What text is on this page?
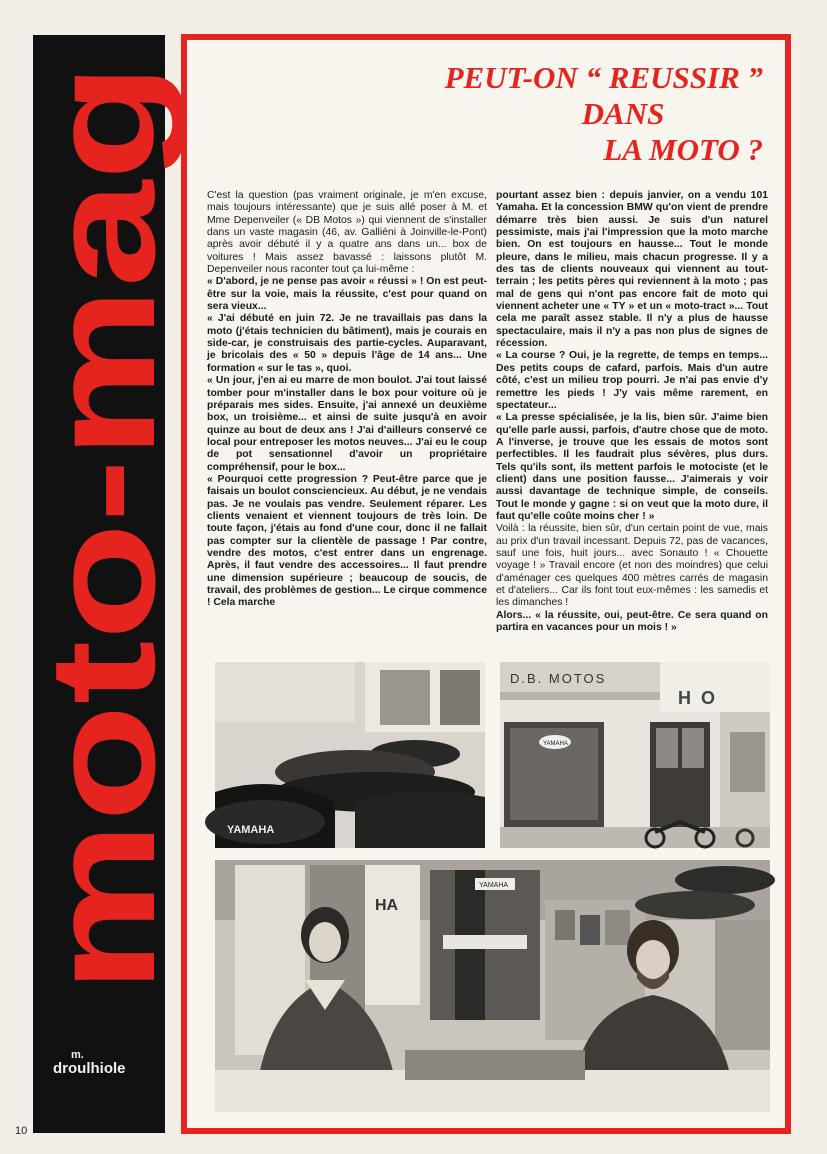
moto-mag
m.
droulhiole
10
PEUT-ON “ REUSSIR ”
DANS
LA MOTO ?

C'est la question (pas vraiment originale, je m'en excuse, mais toujours intéressante) que je suis allé poser à M. et Mme Depenveiler (« DB Motos ») qui viennent de s'installer dans un vaste magasin (46, av. Galliéni à Joinville-le-Pont) après avoir débuté il y a quatre ans dans un... box de voitures ! Mais assez bavassé : laissons plutôt M. Depenveiler nous raconter tout ça lui-même :

« D'abord, je ne pense pas avoir « réussi » ! On est peut-être sur la voie, mais la réussite, c'est pour quand on sera vieux...

« J'ai débuté en juin 72. Je ne travaillais pas dans la moto (j'étais technicien du bâtiment), mais je courais en side-car, je construisais des partie-cycles. Auparavant, je bricolais des « 50 » depuis l'âge de 14 ans... Une formation « sur le tas », quoi.

« Un jour, j'en ai eu marre de mon boulot. J'ai tout laissé tomber pour m'installer dans le box pour voiture où je préparais mes sides. Ensuite, j'ai annexé un deuxième box, un troisième... et ainsi de suite jusqu'à en avoir quinze au bout de deux ans ! J'ai d'ailleurs conservé ce local pour entreposer les motos neuves... J'ai eu le coup de pot sensationnel d'avoir un propriétaire compréhensif, pour le box...

« Pourquoi cette progression ? Peut-être parce que je faisais un boulot consciencieux. Au début, je ne vendais pas. Je ne voulais pas vendre. Seulement réparer. Les clients venaient et viennent toujours de très loin. De toute façon, j'étais au fond d'une cour, donc il ne fallait pas compter sur la clientèle de passage ! Par contre, vendre des motos, c'est entrer dans un engrenage. Après, il faut vendre des accessoires... Il faut prendre une dimension supérieure ; beaucoup de soucis, de travail, des problèmes de gestion... Le cirque commence ! Cela marche

pourtant assez bien : depuis janvier, on a vendu 101 Yamaha. Et la concession BMW qu'on vient de prendre démarre très bien aussi. Je suis d'un naturel pessimiste, mais j'ai l'impression que la moto marche bien. On est toujours en hausse... Tout le monde pleure, dans le milieu, mais chacun progresse. Il y a des tas de clients nouveaux qui viennent au tout-terrain ; les petits pères qui reviennent à la moto ; pas mal de gens qui n'ont pas encore fait de moto qui viennent acheter une « TY » et un « moto-tract »... Tout cela me paraît assez stable. Il n'y a plus de hausse spectaculaire, mais il n'y a pas non plus de signes de récession.

« La course ? Oui, je la regrette, de temps en temps... Des petits coups de cafard, parfois. Mais d'un autre côté, c'est un milieu trop pourri. Je n'ai pas envie d'y remettre les pieds ! J'y vais même rarement, en spectateur...

« La presse spécialisée, je la lis, bien sûr. J'aime bien qu'elle parle aussi, parfois, d'autre chose que de moto. A l'inverse, je trouve que les essais de motos sont perfectibles. Il les faudrait plus sévères, plus durs. Tels qu'ils sont, ils mettent parfois le motociste (et le client) dans une position fausse... J'aimerais y voir aussi davantage de technique simple, de conseils. Tout le monde y gagne : si on veut que la moto dure, il faut qu'elle coûte moins cher ! »

Voilà : la réussite, bien sûr, d'un certain point de vue, mais au prix d'un travail incessant. Depuis 72, pas de vacances, sauf une fois, huit jours... avec Sonauto ! « Chouette voyage ! » Travail encore (et non des moindres) que celui d'aménager ces quelques 400 mètres carrés de magasin et d'ateliers... Car ils font tout eux-mêmes : les samedis et les dimanches !

Alors... « la réussite, oui, peut-être. Ce sera quand on partira en vacances pour un mois ! »

YAMAHA
D.B. MOTOS
HO
YAMAHA
HA
YAMAHA
